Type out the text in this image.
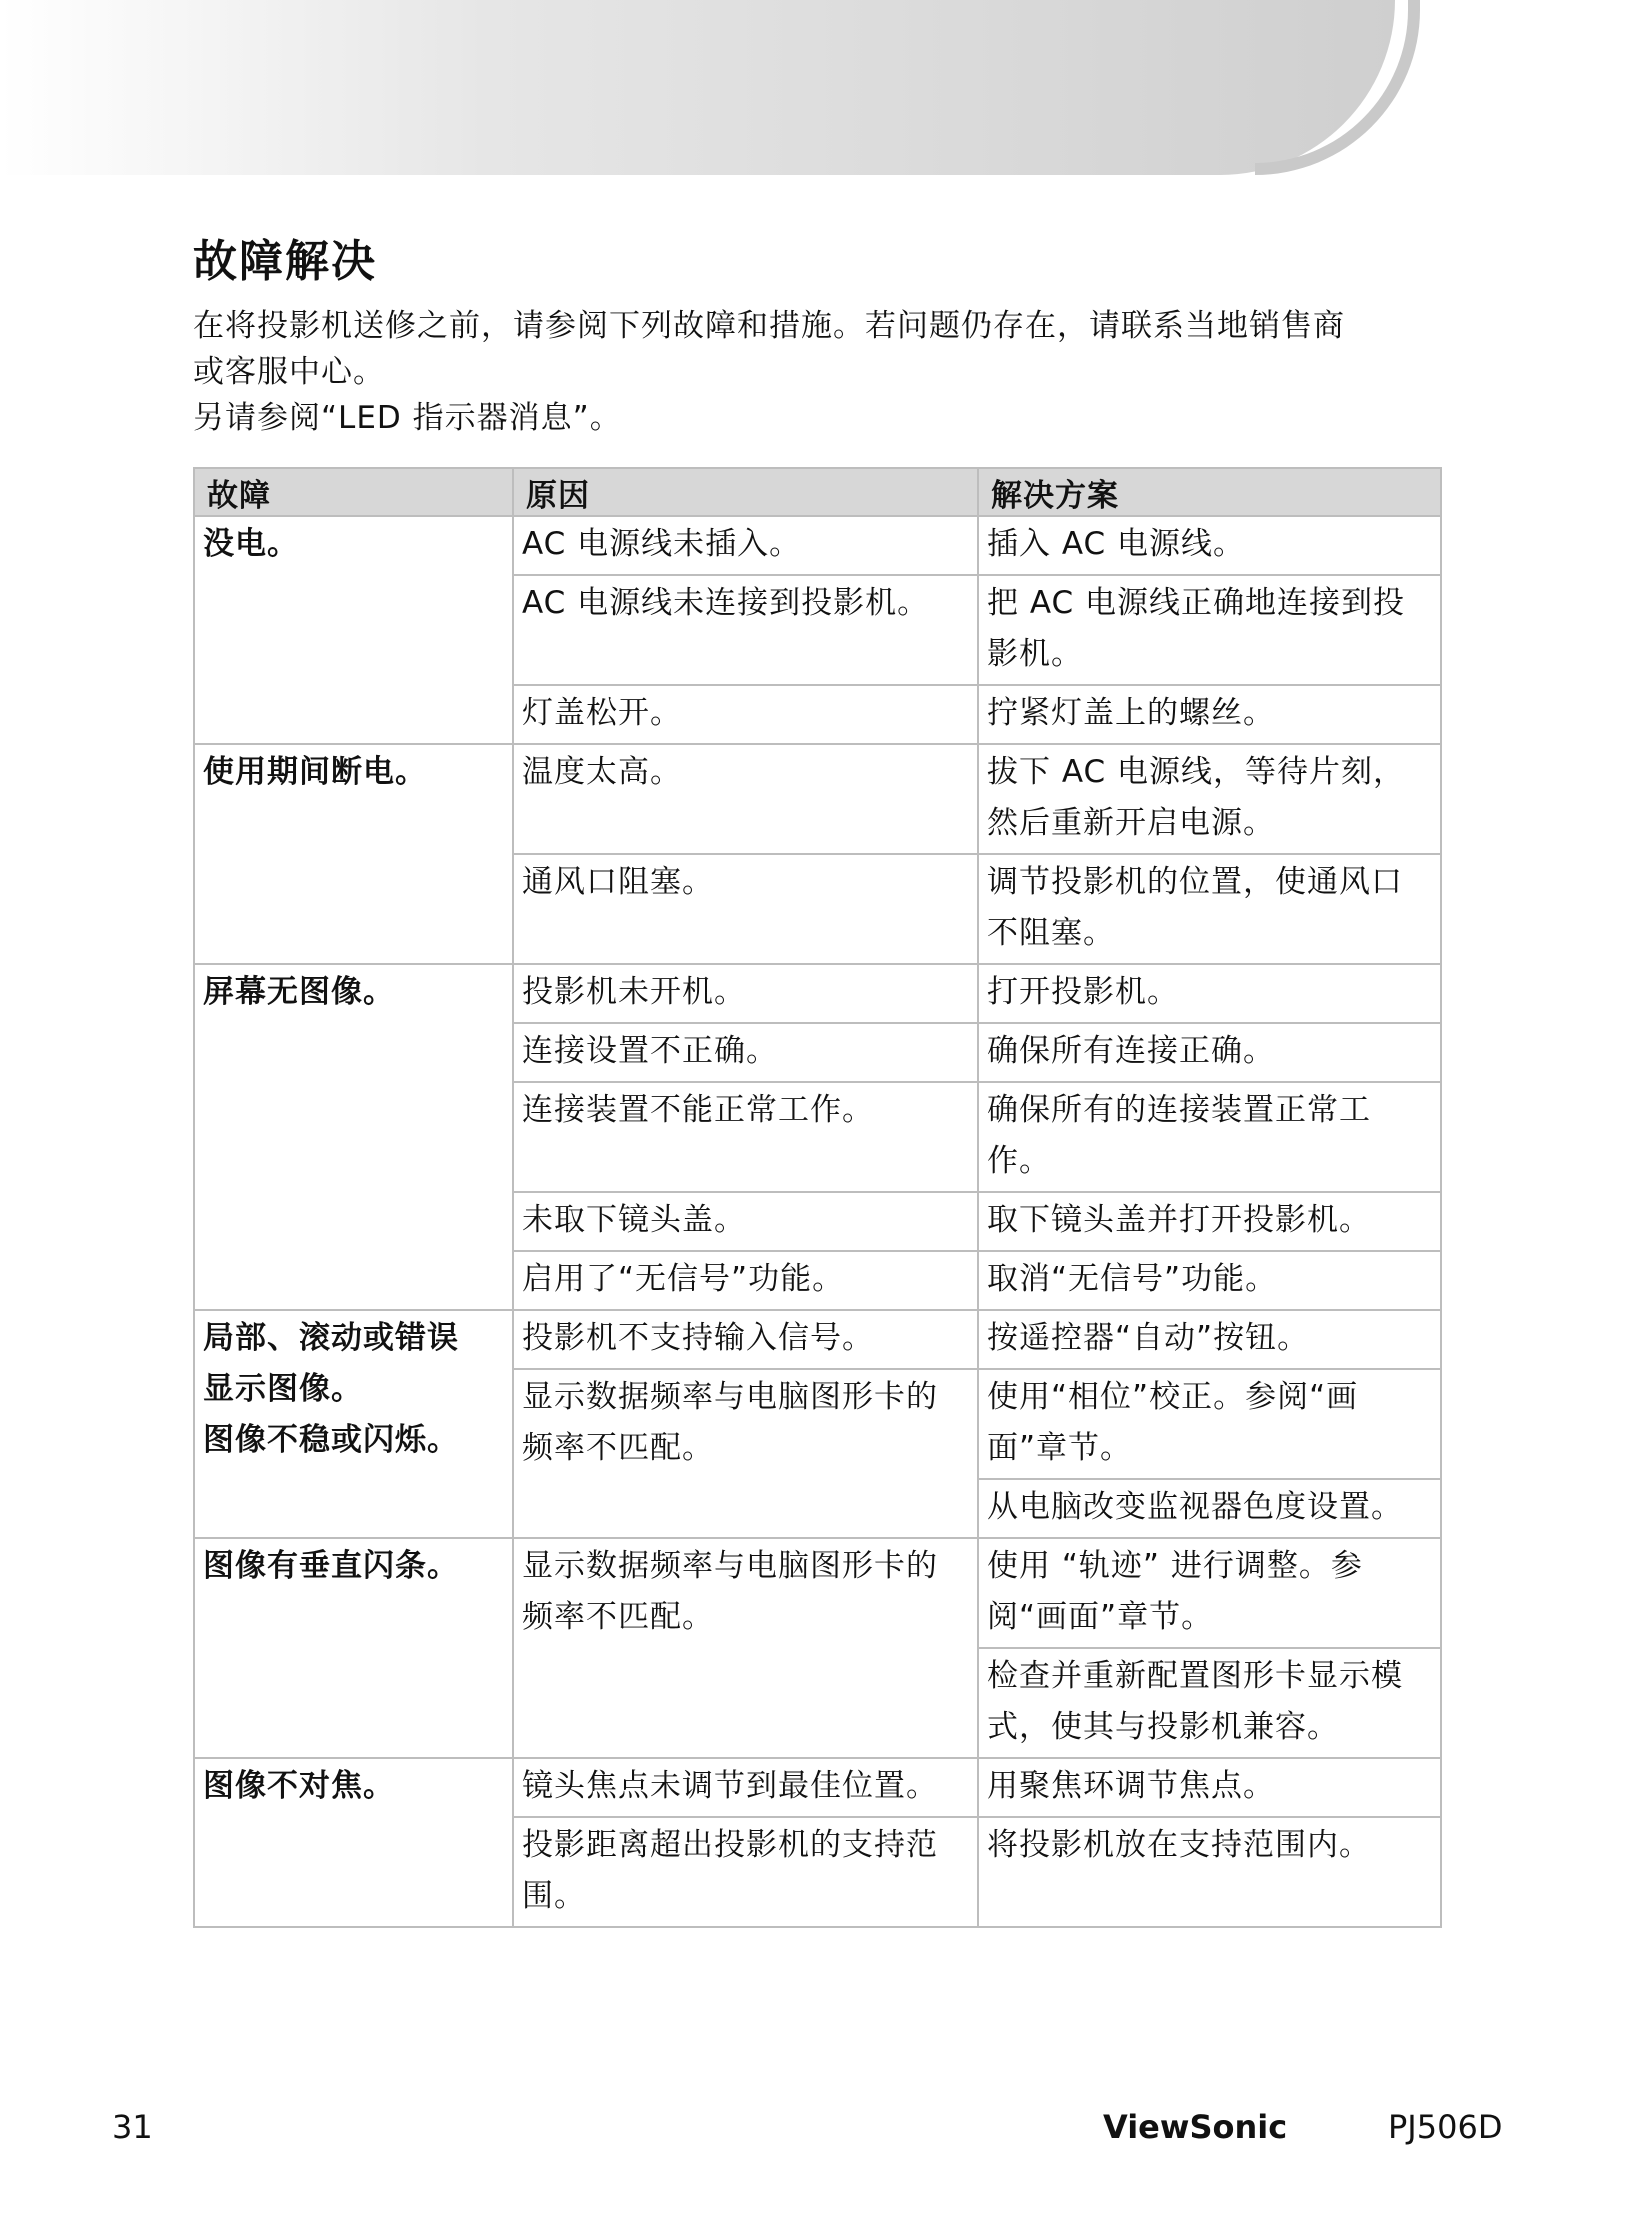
故障解决

在将投影机送修之前，请参阅下列故障和措施。若问题仍存在，请联系当地销售商

或客服中心。

另请参阅“LED 指示器消息”。

故障	原因	解决方案

没电。	AC 电源线未插入。	插入 AC 电源线。
	AC 电源线未连接到投影机。	把 AC 电源线正确地连接到投影机。
	灯盖松开。	拧紧灯盖上的螺丝。

使用期间断电。	温度太高。	拔下 AC 电源线，等待片刻，然后重新开启电源。
	通风口阻塞。	调节投影机的位置，使通风口不阻塞。

屏幕无图像。	投影机未开机。	打开投影机。
	连接设置不正确。	确保所有连接正确。
	连接装置不能正常工作。	确保所有的连接装置正常工作。
	未取下镜头盖。	取下镜头盖并打开投影机。
	启用了“无信号”功能。	取消“无信号”功能。

局部、滚动或错误
显示图像。
图像不稳或闪烁。	投影机不支持输入信号。	按遥控器“自动”按钮。
	显示数据频率与电脑图形卡的频率不匹配。	使用“相位”校正。参阅“画面”章节。
		从电脑改变监视器色度设置。

图像有垂直闪条。	显示数据频率与电脑图形卡的频率不匹配。	使用 “轨迹” 进行调整。参阅“画面”章节。
		检查并重新配置图形卡显示模式，使其与投影机兼容。

图像不对焦。	镜头焦点未调节到最佳位置。	用聚焦环调节焦点。
	投影距离超出投影机的支持范围。	将投影机放在支持范围内。
31	ViewSonic	PJ506D
